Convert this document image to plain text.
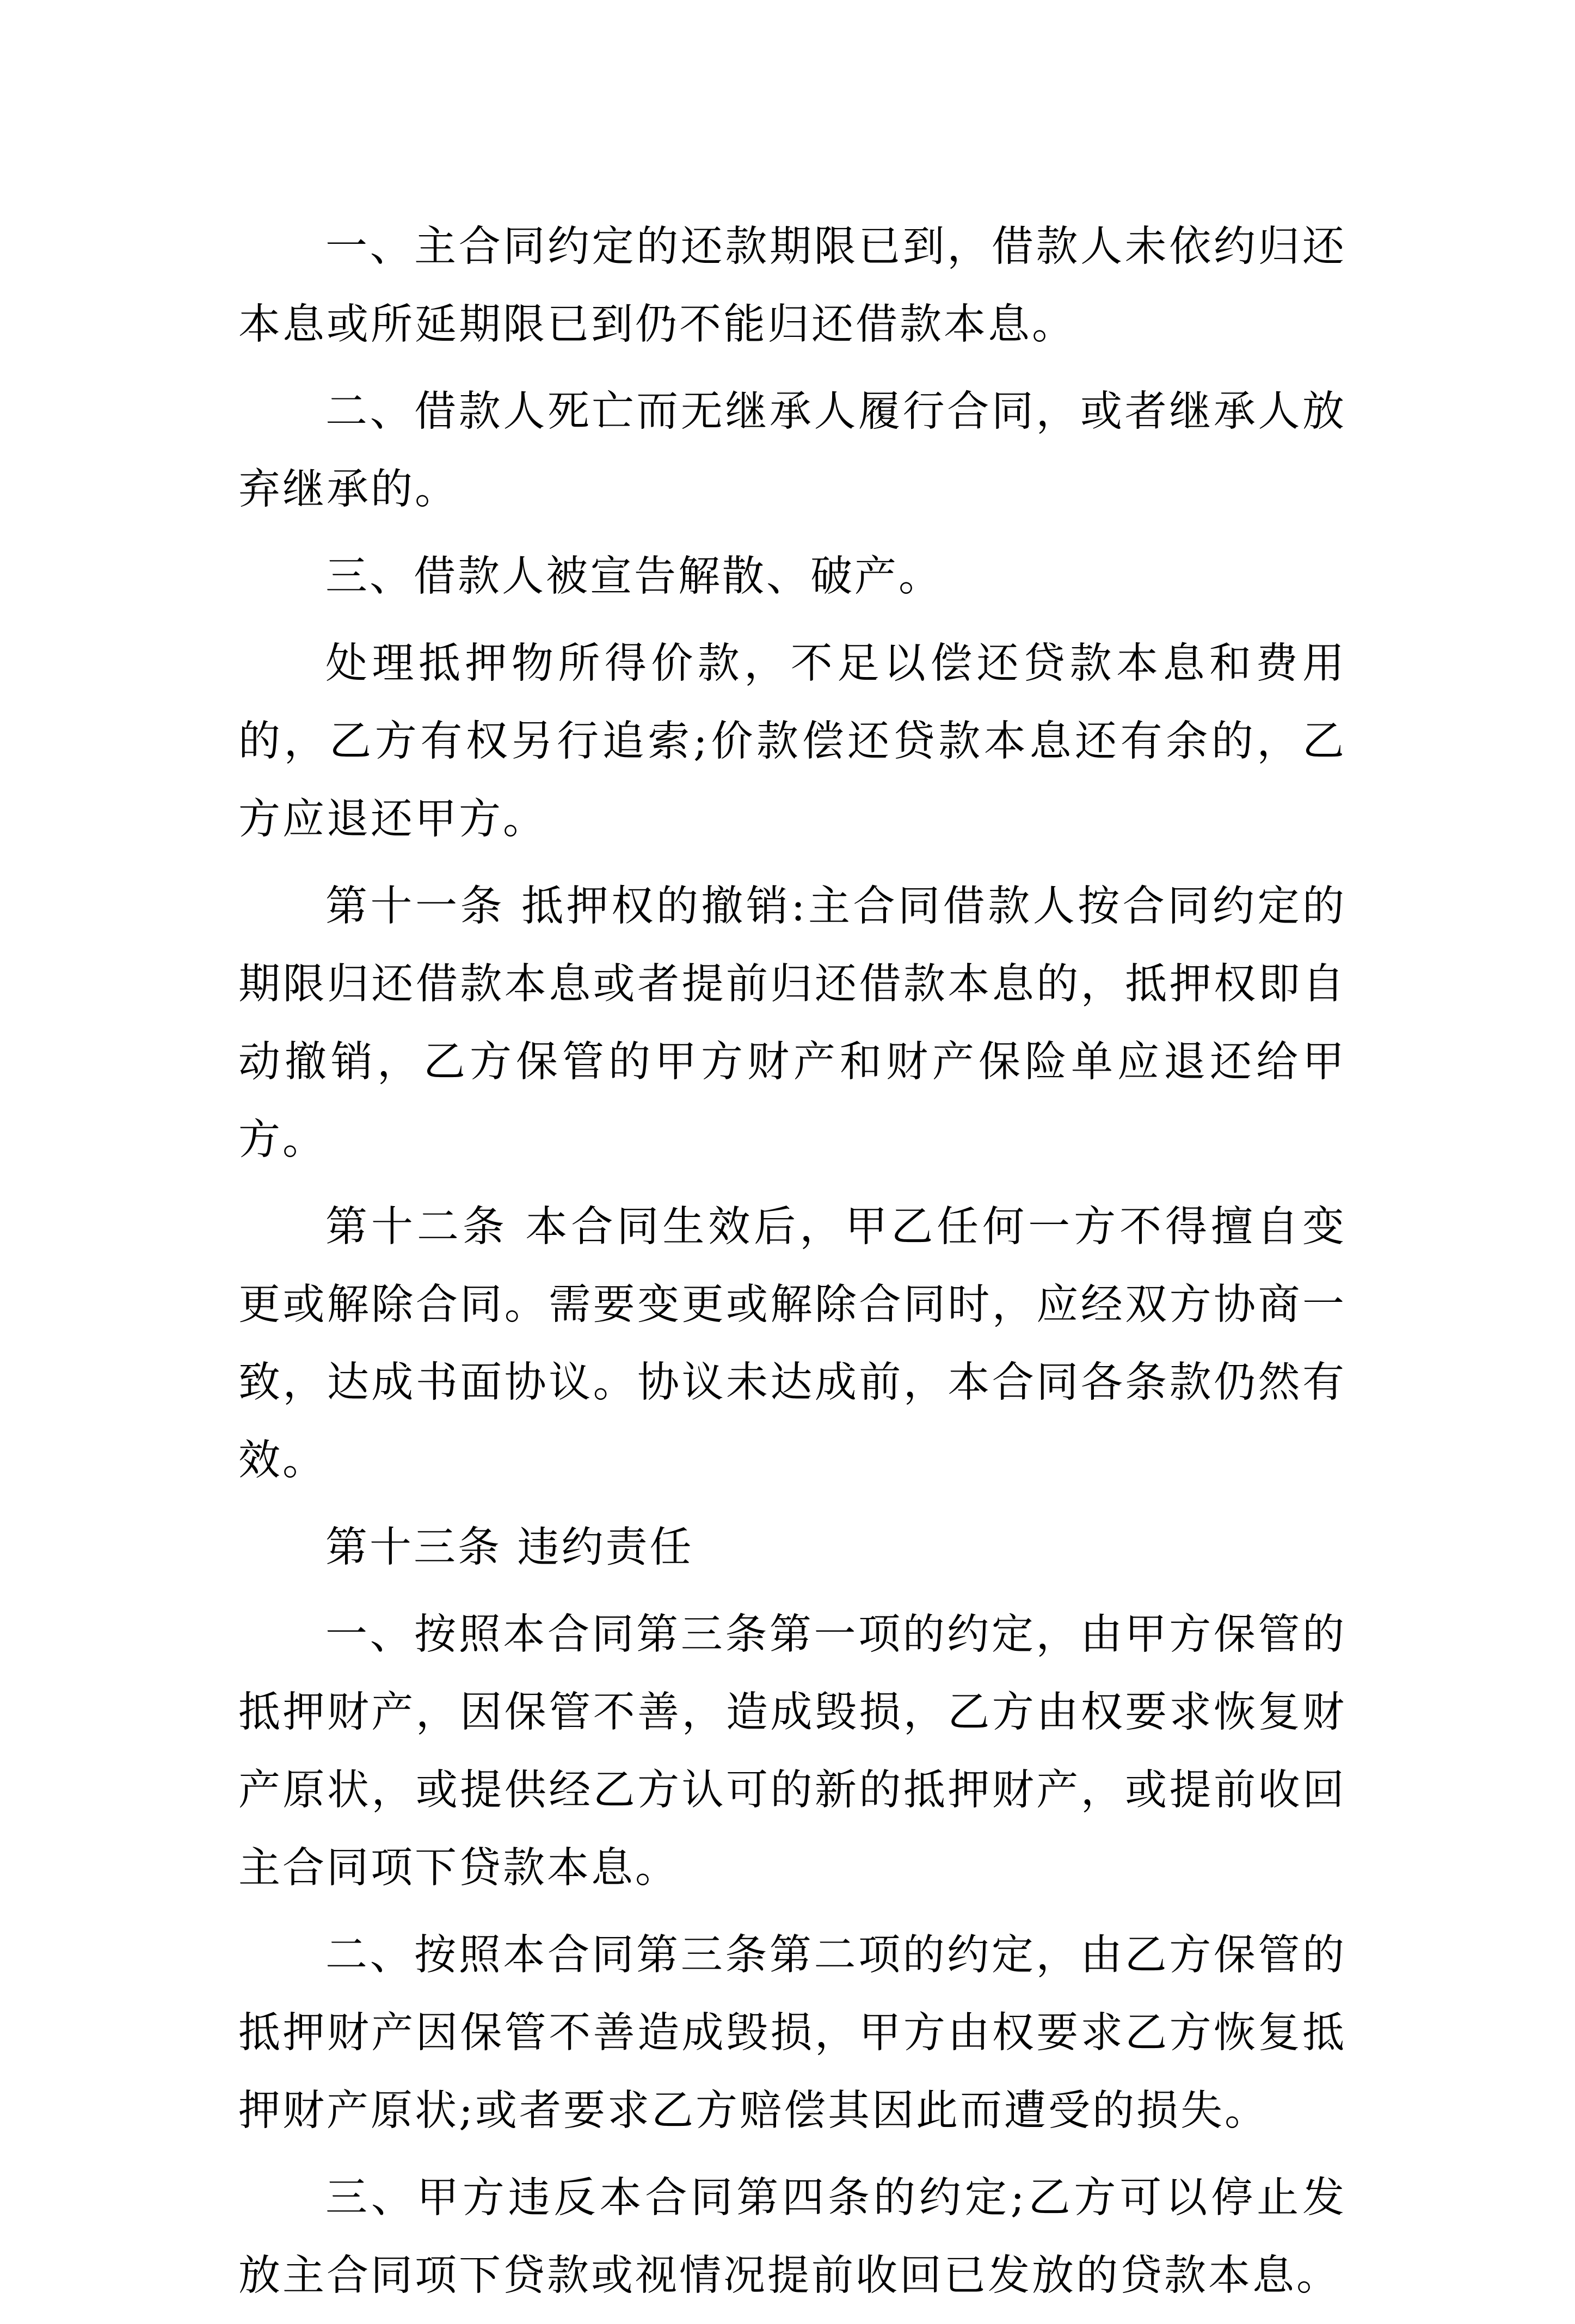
一、主合同约定的还款期限已到，借款人未依约归还本息或所延期限已到仍不能归还借款本息。

二、借款人死亡而无继承人履行合同，或者继承人放弃继承的。

三、借款人被宣告解散、破产。

处理抵押物所得价款，不足以偿还贷款本息和费用的，乙方有权另行追索;价款偿还贷款本息还有余的，乙方应退还甲方。

第十一条 抵押权的撤销:主合同借款人按合同约定的期限归还借款本息或者提前归还借款本息的，抵押权即自动撤销，乙方保管的甲方财产和财产保险单应退还给甲方。

第十二条 本合同生效后，甲乙任何一方不得擅自变更或解除合同。需要变更或解除合同时，应经双方协商一致，达成书面协议。协议未达成前，本合同各条款仍然有效。

第十三条 违约责任

一、按照本合同第三条第一项的约定，由甲方保管的抵押财产，因保管不善，造成毁损，乙方由权要求恢复财产原状，或提供经乙方认可的新的抵押财产，或提前收回主合同项下贷款本息。

二、按照本合同第三条第二项的约定，由乙方保管的抵押财产因保管不善造成毁损，甲方由权要求乙方恢复抵押财产原状;或者要求乙方赔偿其因此而遭受的损失。

三、甲方违反本合同第四条的约定;乙方可以停止发放主合同项下贷款或视情况提前收回已发放的贷款本息。
